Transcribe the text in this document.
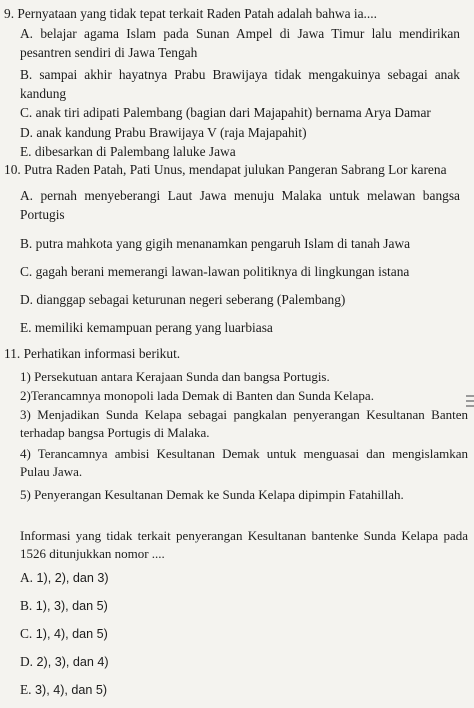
9. Pernyataan yang tidak tepat terkait Raden Patah adalah bahwa ia....
A. belajar agama Islam pada Sunan Ampel di Jawa Timur lalu mendirikan pesantren sendiri di Jawa Tengah
B. sampai akhir hayatnya Prabu Brawijaya tidak mengakuinya sebagai anak kandung
C. anak tiri adipati Palembang (bagian dari Majapahit) bernama Arya Damar
D. anak kandung Prabu Brawijaya V (raja Majapahit)
E. dibesarkan di Palembang laluke Jawa
10. Putra Raden Patah, Pati Unus, mendapat julukan Pangeran Sabrang Lor karena
A. pernah menyeberangi Laut Jawa menuju Malaka untuk melawan bangsa Portugis
B. putra mahkota yang gigih menanamkan pengaruh Islam di tanah Jawa
C. gagah berani memerangi lawan-lawan politiknya di lingkungan istana
D. dianggap sebagai keturunan negeri seberang (Palembang)
E. memiliki kemampuan perang yang luarbiasa
11. Perhatikan informasi berikut.
1) Persekutuan antara Kerajaan Sunda dan bangsa Portugis.
2)Terancamnya monopoli lada Demak di Banten dan Sunda Kelapa.
3) Menjadikan Sunda Kelapa sebagai pangkalan penyerangan Kesultanan Banten terhadap bangsa Portugis di Malaka.
4) Terancamnya ambisi Kesultanan Demak untuk menguasai dan mengislamkan Pulau Jawa.
5) Penyerangan Kesultanan Demak ke Sunda Kelapa dipimpin Fatahillah.
Informasi yang tidak terkait penyerangan Kesultanan bantenke Sunda Kelapa pada 1526 ditunjukkan nomor ....
A. 1), 2), dan 3)
B. 1), 3), dan 5)
C. 1), 4), dan 5)
D. 2), 3), dan 4)
E. 3), 4), dan 5)
